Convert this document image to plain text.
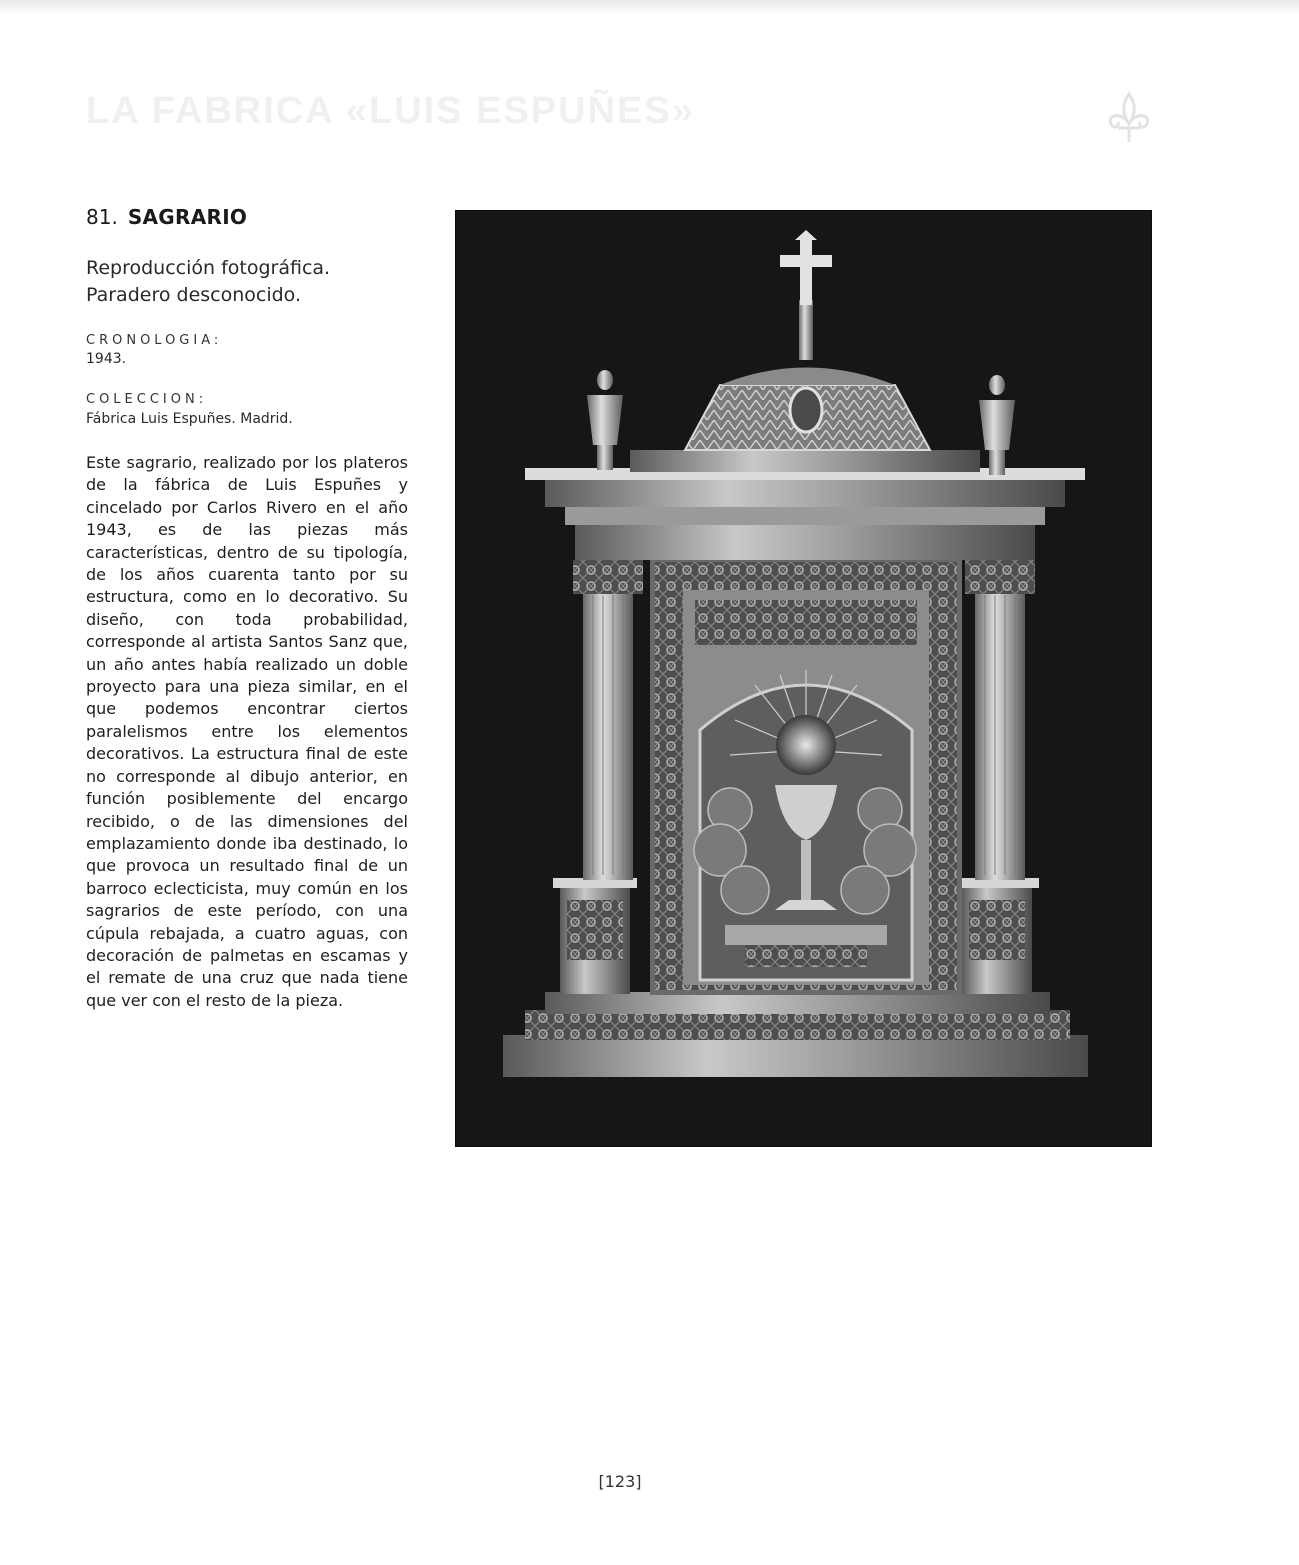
LA FABRICA «LUIS ESPUÑES»
81. SAGRARIO
Reproducción fotográfica. Paradero desconocido.
CRONOLOGIA:
1943.
COLECCION:
Fábrica Luis Espuñes. Madrid.
Este sagrario, realizado por los plateros de la fábrica de Luis Espuñes y cincelado por Carlos Rivero en el año 1943, es de las piezas más características, dentro de su tipología, de los años cuarenta tanto por su estructura, como en lo decorativo. Su diseño, con toda probabilidad, corresponde al artista Santos Sanz que, un año antes había realizado un doble proyecto para una pieza similar, en el que podemos encontrar ciertos paralelismos entre los elementos decorativos. La estructura final de este no corresponde al dibujo anterior, en función posiblemente del encargo recibido, o de las dimensiones del emplazamiento donde iba destinado, lo que provoca un resultado final de un barroco eclecticista, muy común en los sagrarios de este período, con una cúpula rebajada, a cuatro aguas, con decoración de palmetas en escamas y el remate de una cruz que nada tiene que ver con el resto de la pieza.
[123]
